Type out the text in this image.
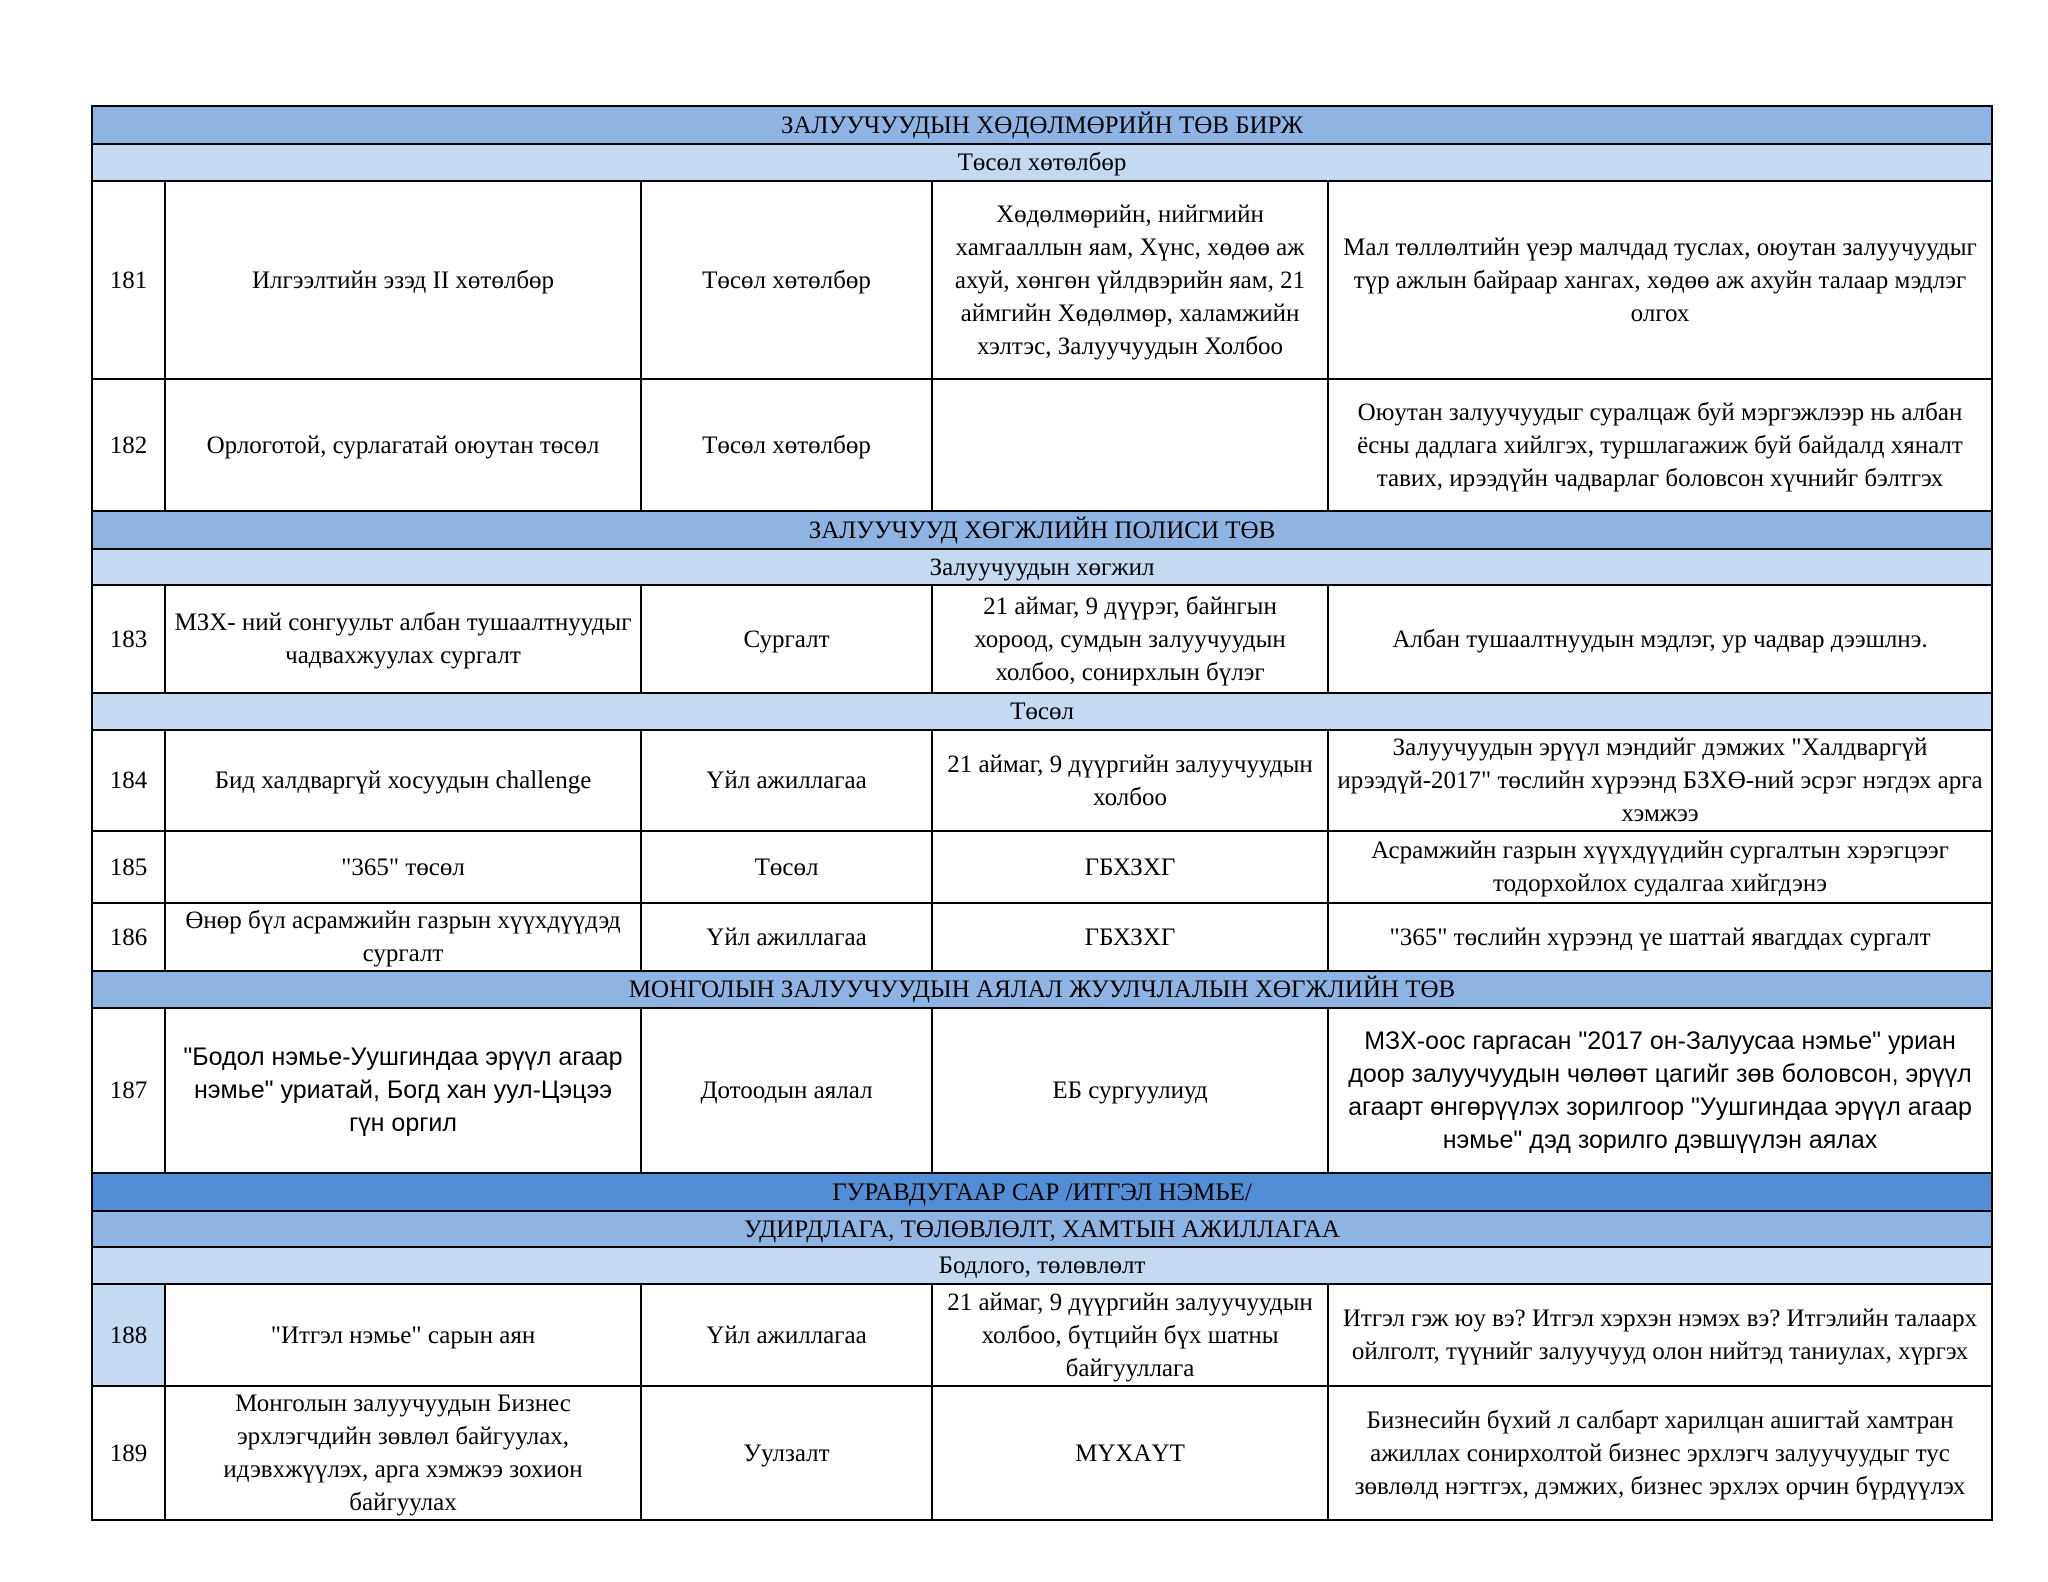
ЗАЛУУЧУУДЫН ХӨДӨЛМӨРИЙН ТӨВ БИРЖ				
Төсөл хөтөлбөр				
181	Илгээлтийн эзэд II хөтөлбөр	Төсөл хөтөлбөр	Хөдөлмөрийн, нийгмийн хамгааллын яам, Хүнс, хөдөө аж ахуй, хөнгөн үйлдвэрийн яам, 21 аймгийн Хөдөлмөр, халамжийн хэлтэс, Залуучуудын Холбоо	Мал төллөлтийн үеэр малчдад туслах, оюутан залуучуудыг түр ажлын байраар хангах, хөдөө аж ахуйн талаар мэдлэг олгох
182	Орлоготой, сурлагатай оюутан төсөл	Төсөл хөтөлбөр		Оюутан залуучуудыг суралцаж буй мэргэжлээр нь албан ёсны дадлага хийлгэх, туршлагажиж буй байдалд хяналт тавих, ирээдүйн чадварлаг боловсон хүчнийг бэлтгэх
ЗАЛУУЧУУД ХӨГЖЛИЙН ПОЛИСИ ТӨВ				
Залуучуудын хөгжил				
183	МЗХ- ний сонгуульт албан тушаалтнуудыг чадвахжуулах сургалт	Сургалт	21 аймаг, 9 дүүрэг, байнгын хороод, сумдын залуучуудын холбоо, сонирхлын бүлэг	Албан тушаалтнуудын мэдлэг, ур чадвар дээшлнэ.
Төсөл				
184	Бид халдваргүй хосуудын challenge	Үйл ажиллагаа	21 аймаг, 9 дүүргийн залуучуудын холбоо	Залуучуудын эрүүл мэндийг дэмжих "Халдваргүй ирээдүй-2017" төслийн хүрээнд БЗХӨ-ний эсрэг нэгдэх арга хэмжээ
185	"365" төсөл	Төсөл	ГБХЗХГ	Асрамжийн газрын хүүхдүүдийн сургалтын хэрэгцээг тодорхойлох судалгаа хийгдэнэ
186	Өнөр бүл асрамжийн газрын хүүхдүүдэд сургалт	Үйл ажиллагаа	ГБХЗХГ	"365" төслийн хүрээнд үе шаттай явагддах сургалт
МОНГОЛЫН ЗАЛУУЧУУДЫН АЯЛАЛ ЖУУЛЧЛАЛЫН ХӨГЖЛИЙН ТӨВ				
187	"Бодол нэмье-Уушгиндаа эрүүл агаар нэмье" уриатай, Богд хан уул-Цэцээ гүн оргил	Дотоодын аялал	ЕБ сургуулиуд	МЗХ-оос гаргасан "2017 он-Залуусаа нэмье" уриан доор залуучуудын чөлөөт цагийг зөв боловсон, эрүүл агаарт өнгөрүүлэх зорилгоор "Уушгиндаа эрүүл агаар нэмье" дэд зорилго дэвшүүлэн аялах
ГУРАВДУГААР САР /ИТГЭЛ НЭМЬЕ/				
УДИРДЛАГА, ТӨЛӨВЛӨЛТ, ХАМТЫН АЖИЛЛАГАА				
Бодлого, төлөвлөлт				
188	"Итгэл нэмье" сарын аян	Үйл ажиллагаа	21 аймаг, 9 дүүргийн залуучуудын холбоо, бүтцийн бүх шатны байгууллага	Итгэл гэж юу вэ? Итгэл хэрхэн нэмэх вэ? Итгэлийн талаарх ойлголт, түүнийг залуучууд олон нийтэд таниулах, хүргэх
189	Монголын залуучуудын Бизнес эрхлэгчдийн зөвлөл байгуулах, идэвхжүүлэх, арга хэмжээ зохион байгуулах	Уулзалт	МҮХАҮТ	Бизнесийн бүхий л салбарт харилцан ашигтай хамтран ажиллах сонирхолтой бизнес эрхлэгч залуучуудыг тус зөвлөлд нэгтгэх, дэмжих, бизнес эрхлэх орчин бүрдүүлэх
